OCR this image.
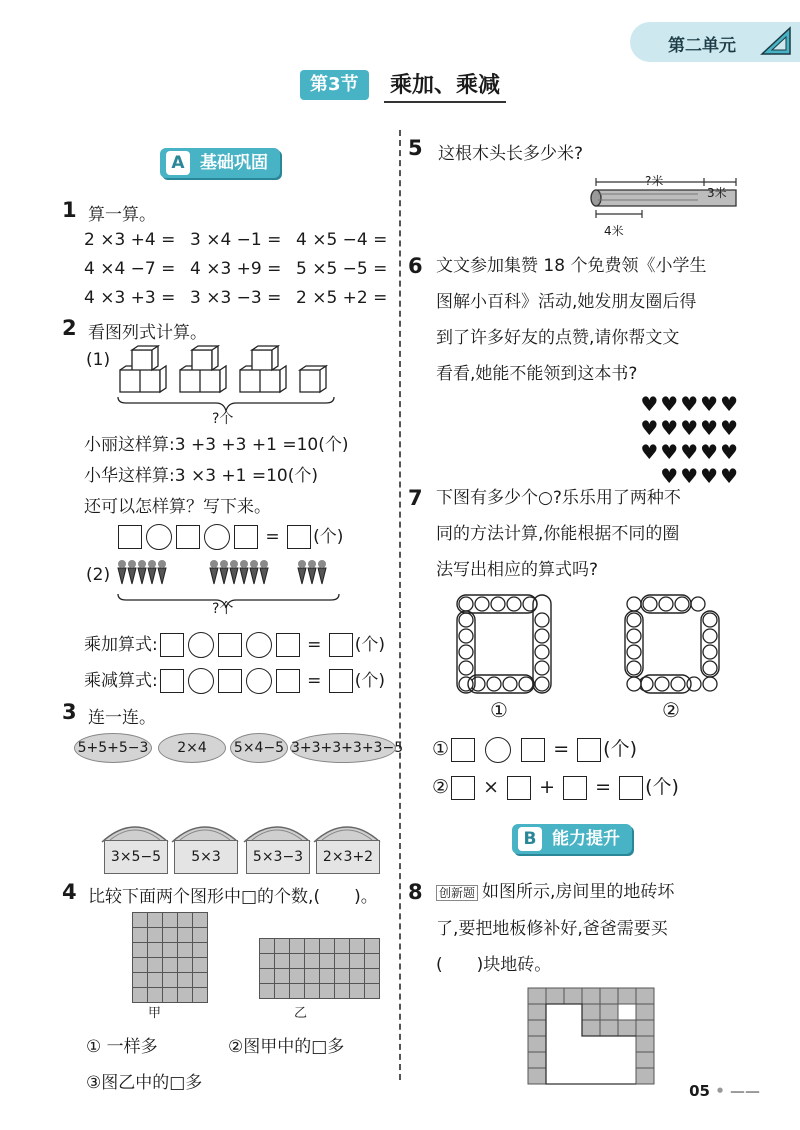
第二单元
第3节	乘加、乘减
A 基础巩固
1 算一算。
2 ×3 +4 = 3 ×4 −1 = 4 ×5 −4 =
4 ×4 −7 = 4 ×3 +9 = 5 ×5 −5 =
4 ×3 +3 = 3 ×3 −3 = 2 ×5 +2 =
2 看图列式计算。
(1)
?个
小丽这样算:3 +3 +3 +1 =10(个)
小华这样算:3 ×3 +1 =10(个)
还可以怎样算？写下来。
= (个)
(2)
?个
乘加算式:	= (个)
乘减算式:	= (个)
3 连一连。
5+5+5−3	2×4	5×4−5 3+3+3+3+3−5
3×5−5	5×3	5×3−3	2×3+2
4 比较下面两个图形中□的个数,(　　)。

甲	乙
① 一样多	②图甲中的□多
③图乙中的□多
5 这根木头长多少米?
?米
3米
4米
6 文文参加集赞 18 个免费领《小学生
图解小百科》活动,她发朋友圈后得
到了许多好友的点赞,请你帮文文
看看,她能不能领到这本书?
♥♥♥♥♥
♥♥♥♥♥
♥♥♥♥♥
♥♥♥♥
7 下图有多少个○?乐乐用了两种不
同的方法计算,你能根据不同的圈
法写出相应的算式吗?
①	②
①	= (个)
② × + = (个)
B 能力提升
8 创新题 如图所示,房间里的地砖坏
了,要把地板修补好,爸爸需要买
(　　)块地砖。
05 • ——
